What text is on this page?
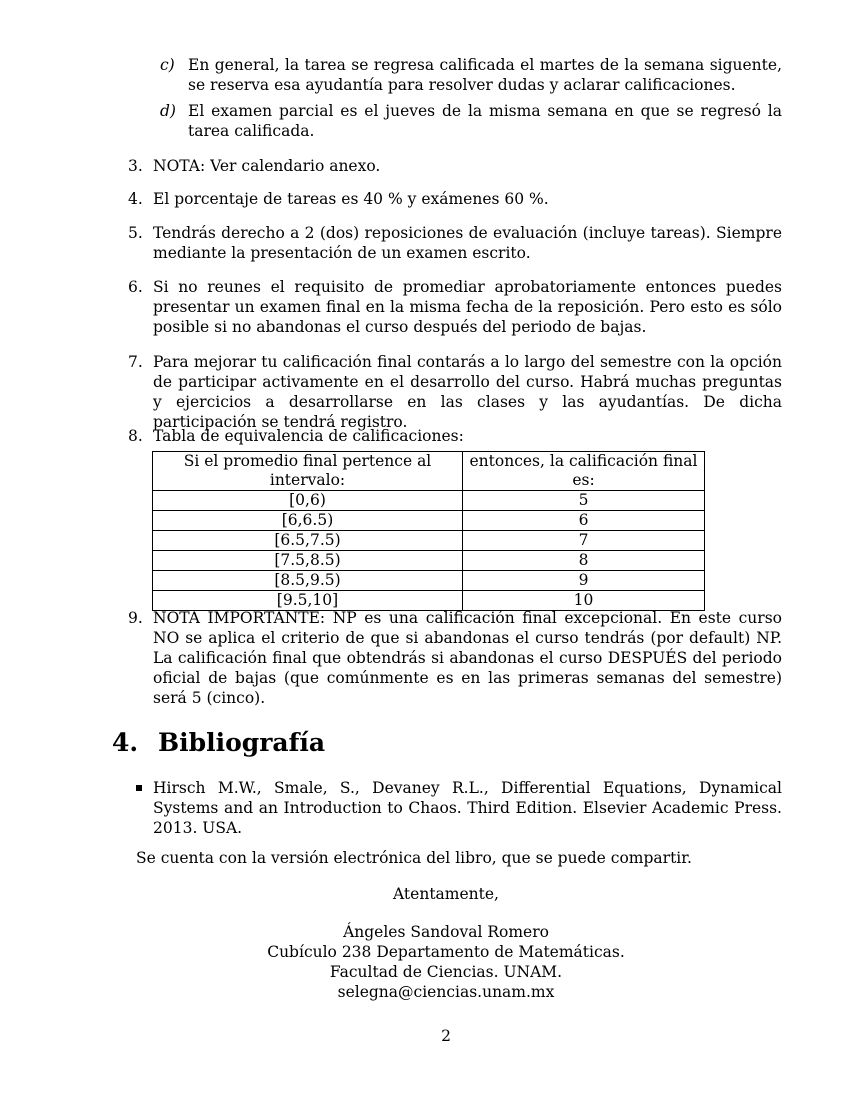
c) En general, la tarea se regresa calificada el martes de la semana siguente, se reserva esa ayudantía para resolver dudas y aclarar calificaciones.
d) El examen parcial es el jueves de la misma semana en que se regresó la tarea calificada.
3. NOTA: Ver calendario anexo.
4. El porcentaje de tareas es 40 % y exámenes 60 %.
5. Tendrás derecho a 2 (dos) reposiciones de evaluación (incluye tareas). Siempre mediante la presentación de un examen escrito.
6. Si no reunes el requisito de promediar aprobatoriamente entonces puedes presentar un examen final en la misma fecha de la reposición. Pero esto es sólo posible si no abandonas el curso después del periodo de bajas.
7. Para mejorar tu calificación final contarás a lo largo del semestre con la opción de participar activamente en el desarrollo del curso. Habrá muchas preguntas y ejercicios a desarrollarse en las clases y las ayudantías. De dicha participación se tendrá registro.
8. Tabla de equivalencia de calificaciones:
Si el promedio final pertence al intervalo:	entonces, la calificación final es:
[0,6)	5
[6,6.5)	6
[6.5,7.5)	7
[7.5,8.5)	8
[8.5,9.5)	9
[9.5,10]	10
9. NOTA IMPORTANTE: NP es una calificación final excepcional. En este curso NO se aplica el criterio de que si abandonas el curso tendrás (por default) NP. La calificación final que obtendrás si abandonas el curso DESPUÉS del periodo oficial de bajas (que comúnmente es en las primeras semanas del semestre) será 5 (cinco).
4. Bibliografía
Hirsch M.W., Smale, S., Devaney R.L., Differential Equations, Dynamical Systems and an Introduction to Chaos. Third Edition. Elsevier Academic Press. 2013. USA.
Se cuenta con la versión electrónica del libro, que se puede compartir.
Atentamente,
Ángeles Sandoval Romero
Cubículo 238 Departamento de Matemáticas.
Facultad de Ciencias. UNAM.
selegna@ciencias.unam.mx
2
